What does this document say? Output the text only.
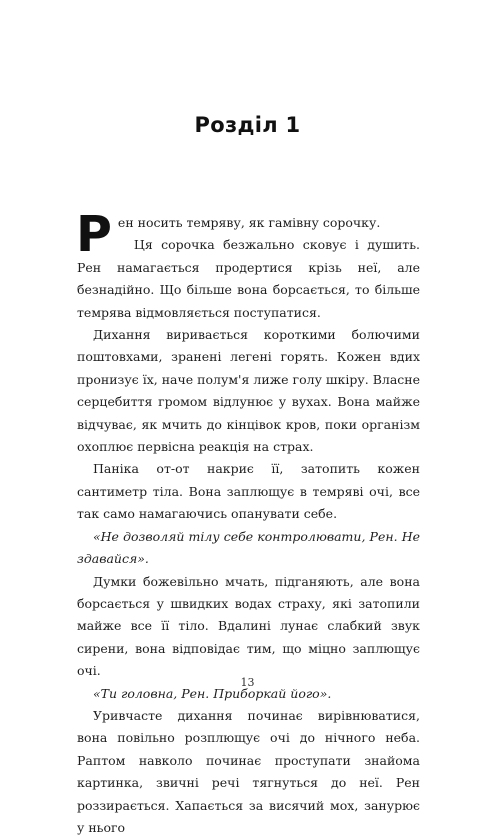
Розділ 1

Рен носить темряву, як гамівну сорочку.

Ця сорочка безжально сковує і душить. Рен намагається продертися крізь неї, але безнадійно. Що більше вона борсається, то більше темрява відмовляється поступатися.

Дихання виривається короткими болючими поштовхами, зранені легені горять. Кожен вдих пронизує їх, наче полум'я лиже голу шкіру. Власне серцебиття громом відлунює у вухах. Вона майже відчуває, як мчить до кінцівок кров, поки організм охоплює первісна реакція на страх.

Паніка от-от накриє її, затопить кожен сантиметр тіла. Вона заплющує в темряві очі, все так само намагаючись опанувати себе.

«Не дозволяй тілу себе контролювати, Рен. Не здавайся».

Думки божевільно мчать, підганяють, але вона борсається у швидких водах страху, які затопили майже все її тіло. Вдалині лунає слабкий звук сирени, вона відповідає тим, що міцно заплющує очі.

«Ти головна, Рен. Приборкай його».

Уривчасте дихання починає вирівнюватися, вона повільно розплющує очі до нічного неба. Раптом навколо починає проступати знайома картинка, звичні речі тягнуться до неї. Рен роззирається. Хапається за висячий мох, занурює у нього

13
